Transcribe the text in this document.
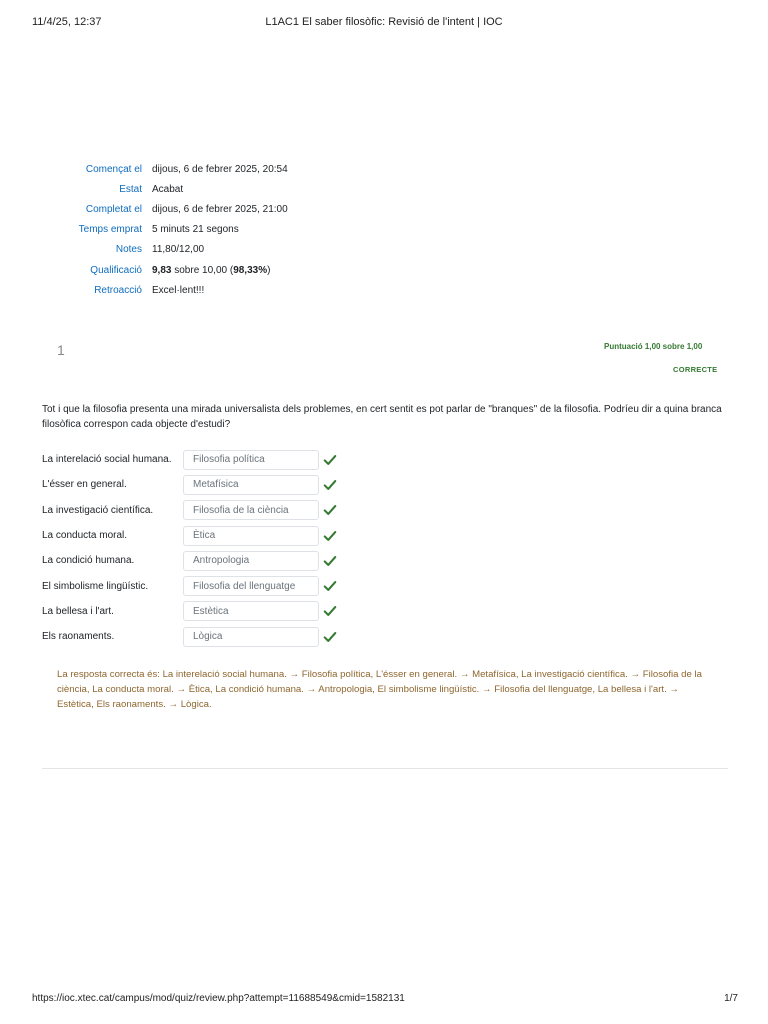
11/4/25, 12:37	L1AC1 El saber filosòfic: Revisió de l'intent | IOC
Començat el	dijous, 6 de febrer 2025, 20:54
Estat	Acabat
Completat el	dijous, 6 de febrer 2025, 21:00
Temps emprat	5 minuts 21 segons
Notes	11,80/12,00
Qualificació	9,83 sobre 10,00 (98,33%)
Retroacció	Excel·lent!!!
1	Puntuació 1,00 sobre 1,00
CORRECTE
Tot i que la filosofia presenta una mirada universalista dels problemes, en cert sentit es pot parlar de "branques" de la filosofia. Podríeu dir a quina branca filosòfica correspon cada objecte d'estudi?
La interelació social humana.	Filosofia política
L'ésser en general.	Metafísica
La investigació científica.	Filosofia de la ciència
La conducta moral.	Ètica
La condició humana.	Antropologia
El simbolisme lingüístic.	Filosofia del llenguatge
La bellesa i l'art.	Estètica
Els raonaments.	Lògica
La resposta correcta és: La interelació social humana. → Filosofia política, L'ésser en general. → Metafísica, La investigació científica. → Filosofia de la ciència, La conducta moral. → Ètica, La condició humana. → Antropologia, El simbolisme lingüístic. → Filosofia del llenguatge, La bellesa i l'art. → Estètica, Els raonaments. → Lògica.
https://ioc.xtec.cat/campus/mod/quiz/review.php?attempt=11688549&cmid=1582131	1/7
